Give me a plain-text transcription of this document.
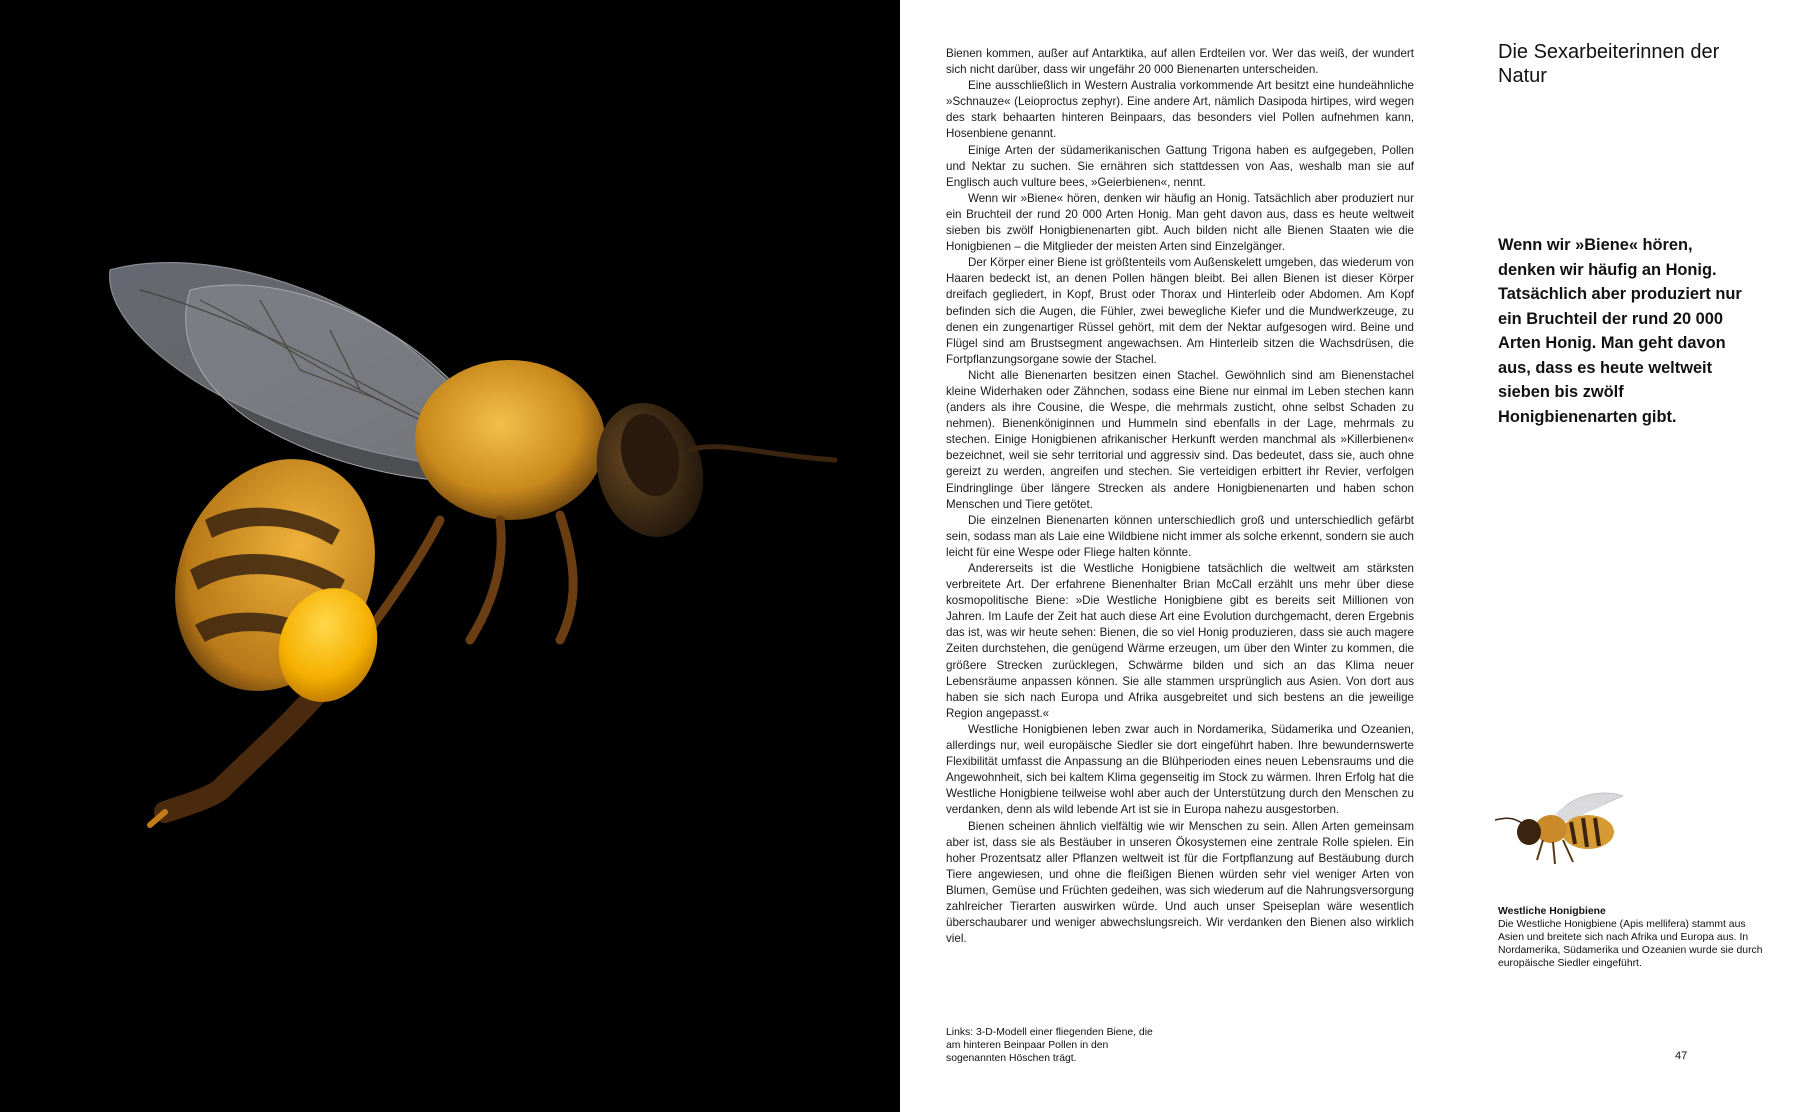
Bienen kommen, außer auf Antarktika, auf allen Erdteilen vor. Wer das weiß, der wundert sich nicht darüber, dass wir ungefähr 20 000 Bienenarten unterscheiden.

Eine ausschließlich in Western Australia vorkommende Art besitzt eine hundeähnliche »Schnauze« (Leioproctus zephyr). Eine andere Art, nämlich Dasipoda hirtipes, wird wegen des stark behaarten hinteren Beinpaars, das besonders viel Pollen aufnehmen kann, Hosenbiene genannt.

Einige Arten der südamerikanischen Gattung Trigona haben es aufgegeben, Pollen und Nektar zu suchen. Sie ernähren sich stattdessen von Aas, weshalb man sie auf Englisch auch vulture bees, »Geierbienen«, nennt.

Wenn wir »Biene« hören, denken wir häufig an Honig. Tatsächlich aber produziert nur ein Bruchteil der rund 20 000 Arten Honig. Man geht davon aus, dass es heute weltweit sieben bis zwölf Honigbienenarten gibt. Auch bilden nicht alle Bienen Staaten wie die Honigbienen – die Mitglieder der meisten Arten sind Einzelgänger.

Der Körper einer Biene ist größtenteils vom Außenskelett umgeben, das wiederum von Haaren bedeckt ist, an denen Pollen hängen bleibt. Bei allen Bienen ist dieser Körper dreifach gegliedert, in Kopf, Brust oder Thorax und Hinterleib oder Abdomen. Am Kopf befinden sich die Augen, die Fühler, zwei bewegliche Kiefer und die Mundwerkzeuge, zu denen ein zungenartiger Rüssel gehört, mit dem der Nektar aufgesogen wird. Beine und Flügel sind am Brustsegment angewachsen. Am Hinterleib sitzen die Wachsdrüsen, die Fortpflanzungsorgane sowie der Stachel.

Nicht alle Bienenarten besitzen einen Stachel. Gewöhnlich sind am Bienenstachel kleine Widerhaken oder Zähnchen, sodass eine Biene nur einmal im Leben stechen kann (anders als ihre Cousine, die Wespe, die mehrmals zusticht, ohne selbst Schaden zu nehmen). Bienenköniginnen und Hummeln sind ebenfalls in der Lage, mehrmals zu stechen. Einige Honigbienen afrikanischer Herkunft werden manchmal als »Killerbienen« bezeichnet, weil sie sehr territorial und aggressiv sind. Das bedeutet, dass sie, auch ohne gereizt zu werden, angreifen und stechen. Sie verteidigen erbittert ihr Revier, verfolgen Eindringlinge über längere Strecken als andere Honigbienenarten und haben schon Menschen und Tiere getötet.

Die einzelnen Bienenarten können unterschiedlich groß und unterschiedlich gefärbt sein, sodass man als Laie eine Wildbiene nicht immer als solche erkennt, sondern sie auch leicht für eine Wespe oder Fliege halten könnte.

Andererseits ist die Westliche Honigbiene tatsächlich die weltweit am stärksten verbreitete Art. Der erfahrene Bienenhalter Brian McCall erzählt uns mehr über diese kosmopolitische Biene: »Die Westliche Honigbiene gibt es bereits seit Millionen von Jahren. Im Laufe der Zeit hat auch diese Art eine Evolution durchgemacht, deren Ergebnis das ist, was wir heute sehen: Bienen, die so viel Honig produzieren, dass sie auch magere Zeiten durchstehen, die genügend Wärme erzeugen, um über den Winter zu kommen, die größere Strecken zurücklegen, Schwärme bilden und sich an das Klima neuer Lebensräume anpassen können. Sie alle stammen ursprünglich aus Asien. Von dort aus haben sie sich nach Europa und Afrika ausgebreitet und sich bestens an die jeweilige Region angepasst.«

Westliche Honigbienen leben zwar auch in Nordamerika, Südamerika und Ozeanien, allerdings nur, weil europäische Siedler sie dort eingeführt haben. Ihre bewundernswerte Flexibilität umfasst die Anpassung an die Blühperioden eines neuen Lebensraums und die Angewohnheit, sich bei kaltem Klima gegenseitig im Stock zu wärmen. Ihren Erfolg hat die Westliche Honigbiene teilweise wohl aber auch der Unterstützung durch den Menschen zu verdanken, denn als wild lebende Art ist sie in Europa nahezu ausgestorben.

Bienen scheinen ähnlich vielfältig wie wir Menschen zu sein. Allen Arten gemeinsam aber ist, dass sie als Bestäuber in unseren Ökosystemen eine zentrale Rolle spielen. Ein hoher Prozentsatz aller Pflanzen weltweit ist für die Fortpflanzung auf Bestäubung durch Tiere angewiesen, und ohne die fleißigen Bienen würden sehr viel weniger Arten von Blumen, Gemüse und Früchten gedeihen, was sich wiederum auf die Nahrungsversorgung zahlreicher Tierarten auswirken würde. Und auch unser Speiseplan wäre wesentlich überschaubarer und weniger abwechslungsreich. Wir verdanken den Bienen also wirklich viel.

Die Sexarbeiterinnen der Natur

Wenn wir »Biene« hören, denken wir häufig an Honig. Tatsächlich aber produziert nur ein Bruchteil der rund 20 000 Arten Honig. Man geht davon aus, dass es heute weltweit sieben bis zwölf Honigbienenarten gibt.

Westliche Honigbiene
Die Westliche Honigbiene (Apis mellifera) stammt aus Asien und breitete sich nach Afrika und Europa aus. In Nordamerika, Südamerika und Ozeanien wurde sie durch europäische Siedler eingeführt.
Links: 3-D-Modell einer fliegenden Biene, die am hinteren Beinpaar Pollen in den sogenannten Höschen trägt.	47
